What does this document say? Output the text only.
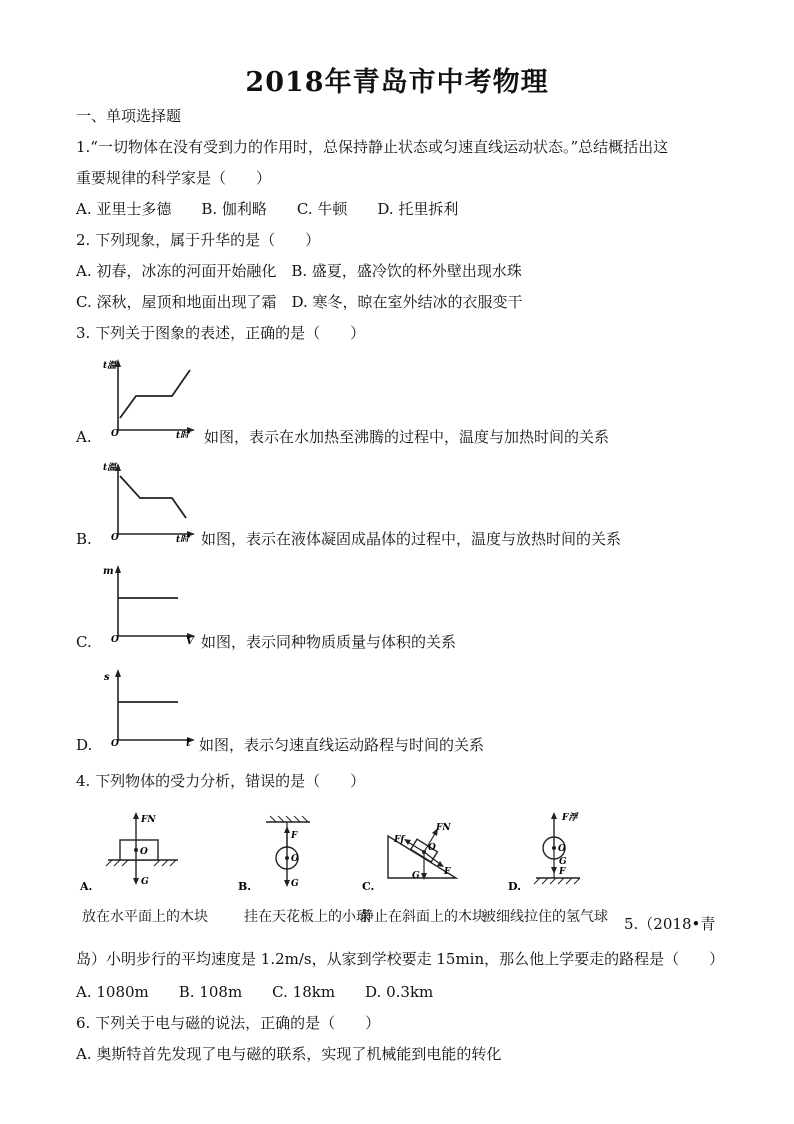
2018年青岛市中考物理
一、单项选择题
1.“一切物体在没有受到力的作用时，总保持静止状态或匀速直线运动状态。”总结概括出这
重要规律的科学家是（　　）
A. 亚里士多德　　B. 伽利略　　C. 牛顿　　D. 托里拆利
2. 下列现象，属于升华的是（　　）
A. 初春，冰冻的河面开始融化　B. 盛夏，盛冷饮的杯外壁出现水珠
C. 深秋，屋顶和地面出现了霜　D. 寒冬，晾在室外结冰的衣服变干
3. 下列关于图象的表述，正确的是（　　）
t温
O	t时
A.	如图，表示在水加热至沸腾的过程中，温度与加热时间的关系
t温
O	t时
B.	如图，表示在液体凝固成晶体的过程中，温度与放热时间的关系
m
O	V
C.	如图，表示同种物质质量与体积的关系
s
O	t
D.	如图，表示匀速直线运动路程与时间的关系
4. 下列物体的受力分析，错误的是（　　）
A.
FN
O
G
放在水平面上的木块
B.
F
O
G
挂在天花板上的小球
C.
FN
Ff
O
G	F
静止在斜面上的木块
D.
F浮
O
G
F
被细线拉住的氢气球 5.（2018•青
岛）小明步行的平均速度是 1.2m/s，从家到学校要走 15min，那么他上学要走的路程是（　　）
A. 1080m　　B. 108m　　C. 18km　　D. 0.3km
6. 下列关于电与磁的说法，正确的是（　　）
A. 奥斯特首先发现了电与磁的联系，实现了机械能到电能的转化
